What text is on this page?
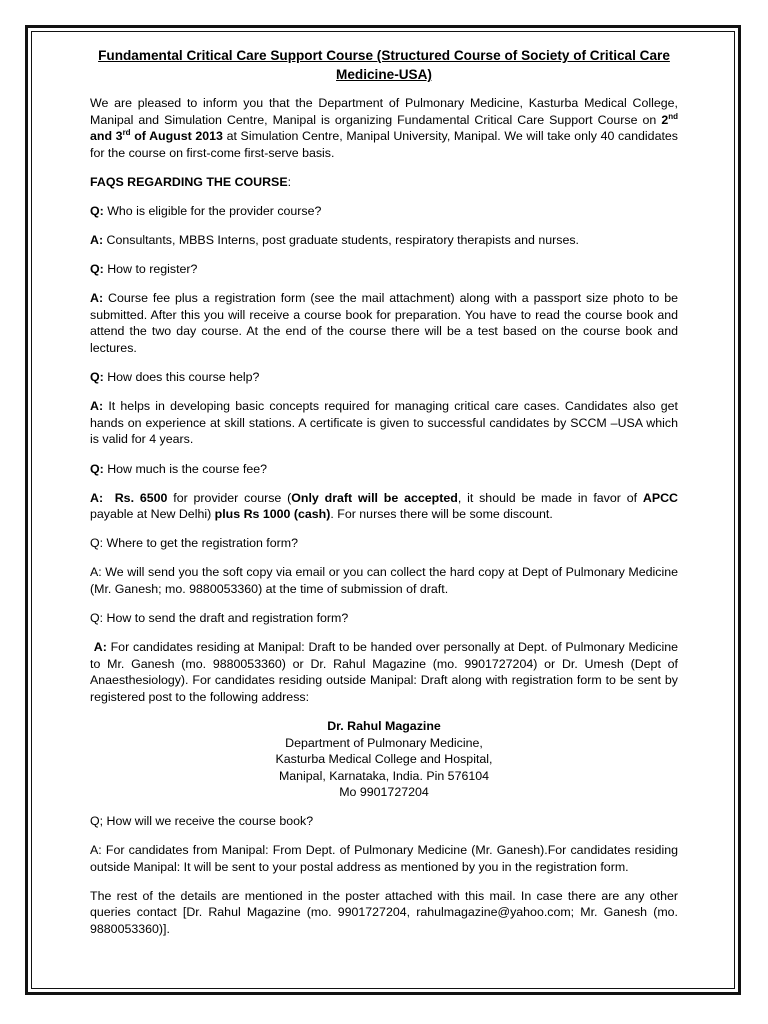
Fundamental Critical Care Support Course (Structured Course of Society of Critical Care Medicine-USA)

We are pleased to inform you that the Department of Pulmonary Medicine, Kasturba Medical College, Manipal and Simulation Centre, Manipal is organizing Fundamental Critical Care Support Course on 2nd and 3rd of August 2013 at Simulation Centre, Manipal University, Manipal. We will take only 40 candidates for the course on first-come first-serve basis.

FAQS REGARDING THE COURSE:

Q: Who is eligible for the provider course?

A: Consultants, MBBS Interns, post graduate students, respiratory therapists and nurses.

Q: How to register?

A: Course fee plus a registration form (see the mail attachment) along with a passport size photo to be submitted. After this you will receive a course book for preparation. You have to read the course book and attend the two day course. At the end of the course there will be a test based on the course book and lectures.

Q: How does this course help?

A: It helps in developing basic concepts required for managing critical care cases. Candidates also get hands on experience at skill stations. A certificate is given to successful candidates by SCCM –USA which is valid for 4 years.

Q: How much is the course fee?

A: Rs. 6500 for provider course (Only draft will be accepted, it should be made in favor of APCC payable at New Delhi) plus Rs 1000 (cash). For nurses there will be some discount.

Q: Where to get the registration form?

A: We will send you the soft copy via email or you can collect the hard copy at Dept of Pulmonary Medicine (Mr. Ganesh; mo. 9880053360) at the time of submission of draft.

Q: How to send the draft and registration form?

A: For candidates residing at Manipal: Draft to be handed over personally at Dept. of Pulmonary Medicine to Mr. Ganesh (mo. 9880053360) or Dr. Rahul Magazine (mo. 9901727204) or Dr. Umesh (Dept of Anaesthesiology). For candidates residing outside Manipal: Draft along with registration form to be sent by registered post to the following address:

Dr. Rahul Magazine
Department of Pulmonary Medicine,
Kasturba Medical College and Hospital,
Manipal, Karnataka, India. Pin 576104
Mo 9901727204

Q; How will we receive the course book?

A: For candidates from Manipal: From Dept. of Pulmonary Medicine (Mr. Ganesh).For candidates residing outside Manipal: It will be sent to your postal address as mentioned by you in the registration form.

The rest of the details are mentioned in the poster attached with this mail. In case there are any other queries contact [Dr. Rahul Magazine (mo. 9901727204, rahulmagazine@yahoo.com; Mr. Ganesh (mo. 9880053360)].
